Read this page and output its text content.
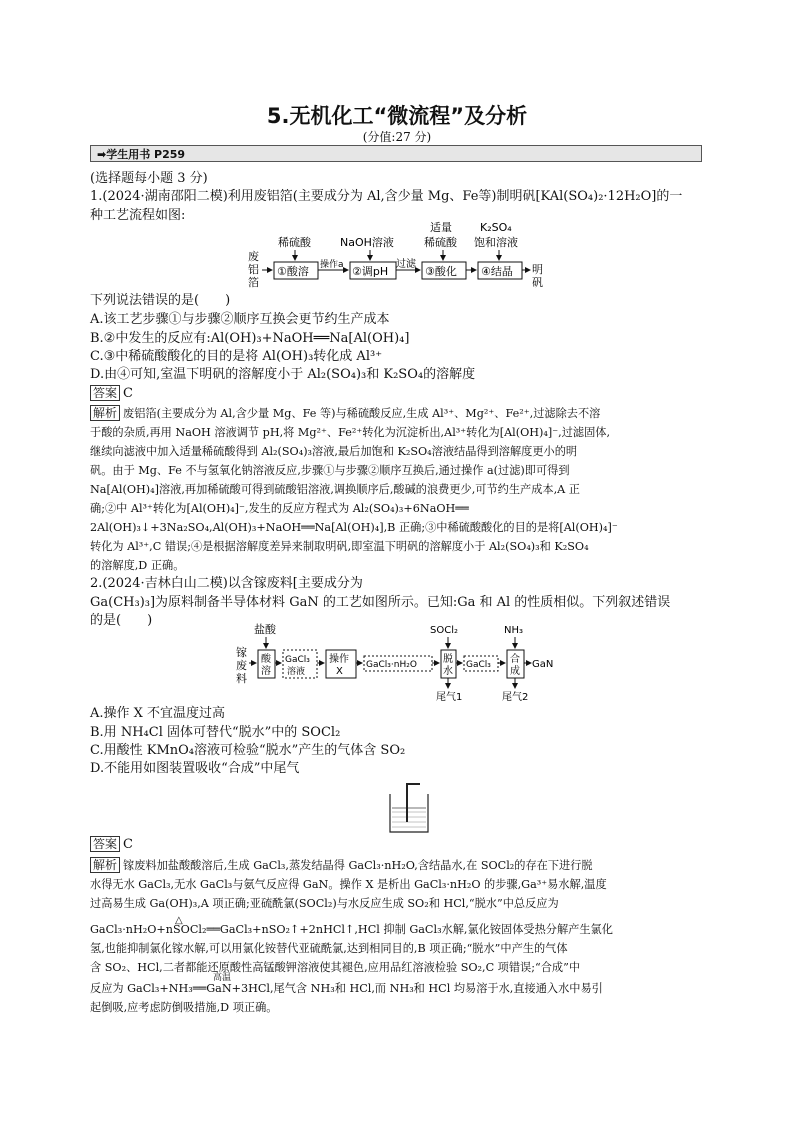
5.无机化工“微流程”及分析
(分值:27 分)
➡学生用书 P259
(选择题每小题 3 分)
1.(2024·湖南邵阳二模)利用废铝箔(主要成分为 Al,含少量 Mg、Fe等)制明矾[KAl(SO₄)₂·12H₂O]的一
种工艺流程如图:
废
铝
箔
稀硫酸
①酸溶 操作a
NaOH溶液
②调pH
过滤
适量
稀硫酸
③酸化
K₂SO₄
饱和溶液
④结晶 明
矾
下列说法错误的是(　　)
A.该工艺步骤①与步骤②顺序互换会更节约生产成本
B.②中发生的反应有:Al(OH)₃+NaOH══Na[Al(OH)₄]
C.③中稀硫酸酸化的目的是将 Al(OH)₃转化成 Al³⁺
D.由④可知,室温下明矾的溶解度小于 Al₂(SO₄)₃和 K₂SO₄的溶解度
答案 C
解析 废铝箔(主要成分为 Al,含少量 Mg、Fe 等)与稀硫酸反应,生成 Al³⁺、Mg²⁺、Fe²⁺,过滤除去不溶
于酸的杂质,再用 NaOH 溶液调节 pH,将 Mg²⁺、Fe²⁺转化为沉淀析出,Al³⁺转化为[Al(OH)₄]⁻,过滤固体,
继续向滤液中加入适量稀硫酸得到 Al₂(SO₄)₃溶液,最后加饱和 K₂SO₄溶液结晶得到溶解度更小的明
矾。由于 Mg、Fe 不与氢氧化钠溶液反应,步骤①与步骤②顺序互换后,通过操作 a(过滤)即可得到
Na[Al(OH)₄]溶液,再加稀硫酸可得到硫酸铝溶液,调换顺序后,酸碱的浪费更少,可节约生产成本,A 正
确;②中 Al³⁺转化为[Al(OH)₄]⁻,发生的反应方程式为 Al₂(SO₄)₃+6NaOH══
2Al(OH)₃↓+3Na₂SO₄,Al(OH)₃+NaOH══Na[Al(OH)₄],B 正确;③中稀硫酸酸化的目的是将[Al(OH)₄]⁻
转化为 Al³⁺,C 错误;④是根据溶解度差异来制取明矾,即室温下明矾的溶解度小于 Al₂(SO₄)₃和 K₂SO₄
的溶解度,D 正确。
2.(2024·吉林白山二模)以含镓废料[主要成分为
Ga(CH₃)₃]为原料制备半导体材料 GaN 的工艺如图所示。已知:Ga 和 Al 的性质相似。下列叙述错误
的是(　　)
镓
废
料
盐酸
酸
溶
GaCl₃
溶液
操作
X
GaCl₃·nH₂O
SOCl₂
脱
水
尾气1
GaCl₃
NH₃
合
成
尾气2
GaN
A.操作 X 不宜温度过高
B.用 NH₄Cl 固体可替代“脱水”中的 SOCl₂
C.用酸性 KMnO₄溶液可检验“脱水”产生的气体含 SO₂
D.不能用如图装置吸收“合成”中尾气
答案 C
解析 镓废料加盐酸酸溶后,生成 GaCl₃,蒸发结晶得 GaCl₃·nH₂O,含结晶水,在 SOCl₂的存在下进行脱
水得无水 GaCl₃,无水 GaCl₃与氨气反应得 GaN。操作 X 是析出 GaCl₃·nH₂O 的步骤,Ga³⁺易水解,温度
过高易生成 Ga(OH)₃,A 项正确;亚硫酰氯(SOCl₂)与水反应生成 SO₂和 HCl,“脱水”中总反应为
△
GaCl₃·nH₂O+nSOCl₂══GaCl₃+nSO₂↑+2nHCl↑,HCl 抑制 GaCl₃水解,氯化铵固体受热分解产生氯化
氢,也能抑制氯化镓水解,可以用氯化铵替代亚硫酰氯,达到相同目的,B 项正确;“脱水”中产生的气体
含 SO₂、HCl,二者都能还原酸性高锰酸钾溶液使其褪色,应用品红溶液检验 SO₂,C 项错误;“合成”中
高温
反应为 GaCl₃+NH₃══GaN+3HCl,尾气含 NH₃和 HCl,而 NH₃和 HCl 均易溶于水,直接通入水中易引
起倒吸,应考虑防倒吸措施,D 项正确。
